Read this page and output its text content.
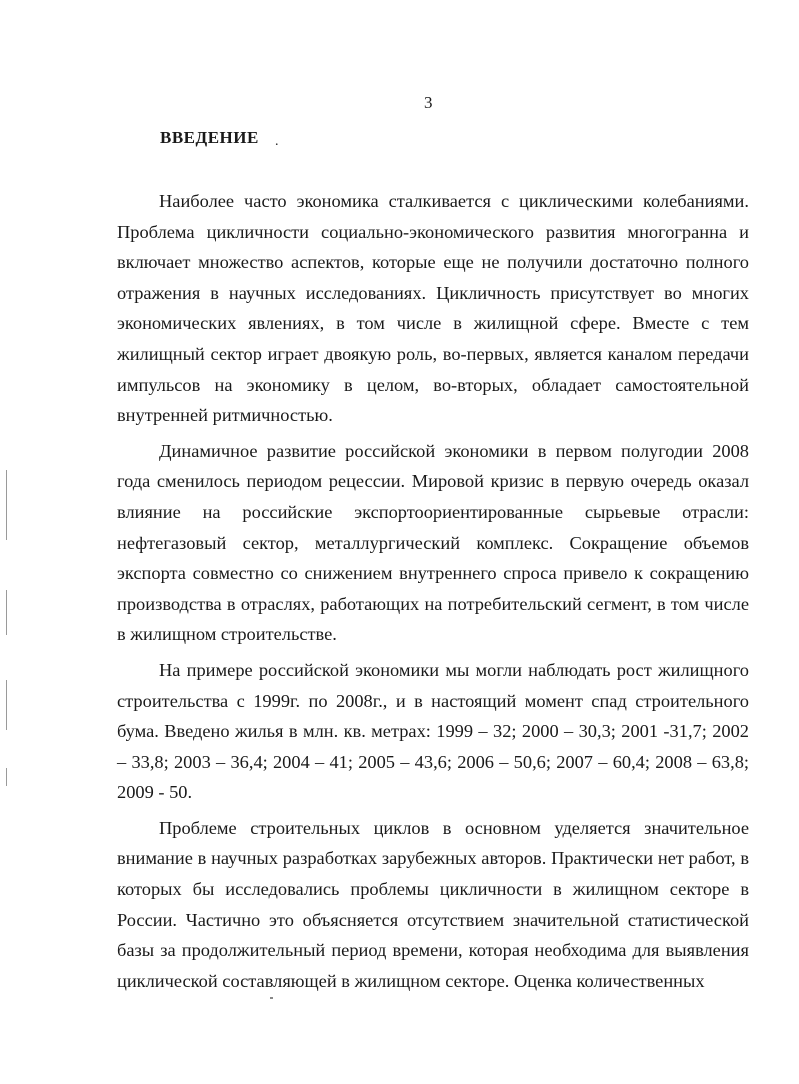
3
ВВЕДЕНИЕ .

Наиболее часто экономика сталкивается с циклическими колебаниями. Проблема цикличности социально-экономического развития многогранна и включает множество аспектов, которые еще не получили достаточно полного отражения в научных исследованиях. Цикличность присутствует во многих экономических явлениях, в том числе в жилищной сфере. Вместе с тем жилищный сектор играет двоякую роль, во-первых, является каналом передачи импульсов на экономику в целом, во-вторых, обладает самостоятельной внутренней ритмичностью.

Динамичное развитие российской экономики в первом полугодии 2008 года сменилось периодом рецессии. Мировой кризис в первую очередь оказал влияние на российские экспортоориентированные сырьевые отрасли: нефтегазовый сектор, металлургический комплекс. Сокращение объемов экспорта совместно со снижением внутреннего спроса привело к сокращению производства в отраслях, работающих на потребительский сегмент, в том числе в жилищном строительстве.

На примере российской экономики мы могли наблюдать рост жилищного строительства с 1999г. по 2008г., и в настоящий момент спад строительного бума. Введено жилья в млн. кв. метрах: 1999 – 32; 2000 – 30,3; 2001 -31,7; 2002 – 33,8; 2003 – 36,4; 2004 – 41; 2005 – 43,6; 2006 – 50,6; 2007 – 60,4; 2008 – 63,8; 2009 - 50.

Проблеме строительных циклов в основном уделяется значительное внимание в научных разработках зарубежных авторов. Практически нет работ, в которых бы исследовались проблемы цикличности в жилищном секторе в России. Частично это объясняется отсутствием значительной статистической базы за продолжительный период времени, которая необходима для выявления циклической составляющей в жилищном секторе. Оценка количественных
